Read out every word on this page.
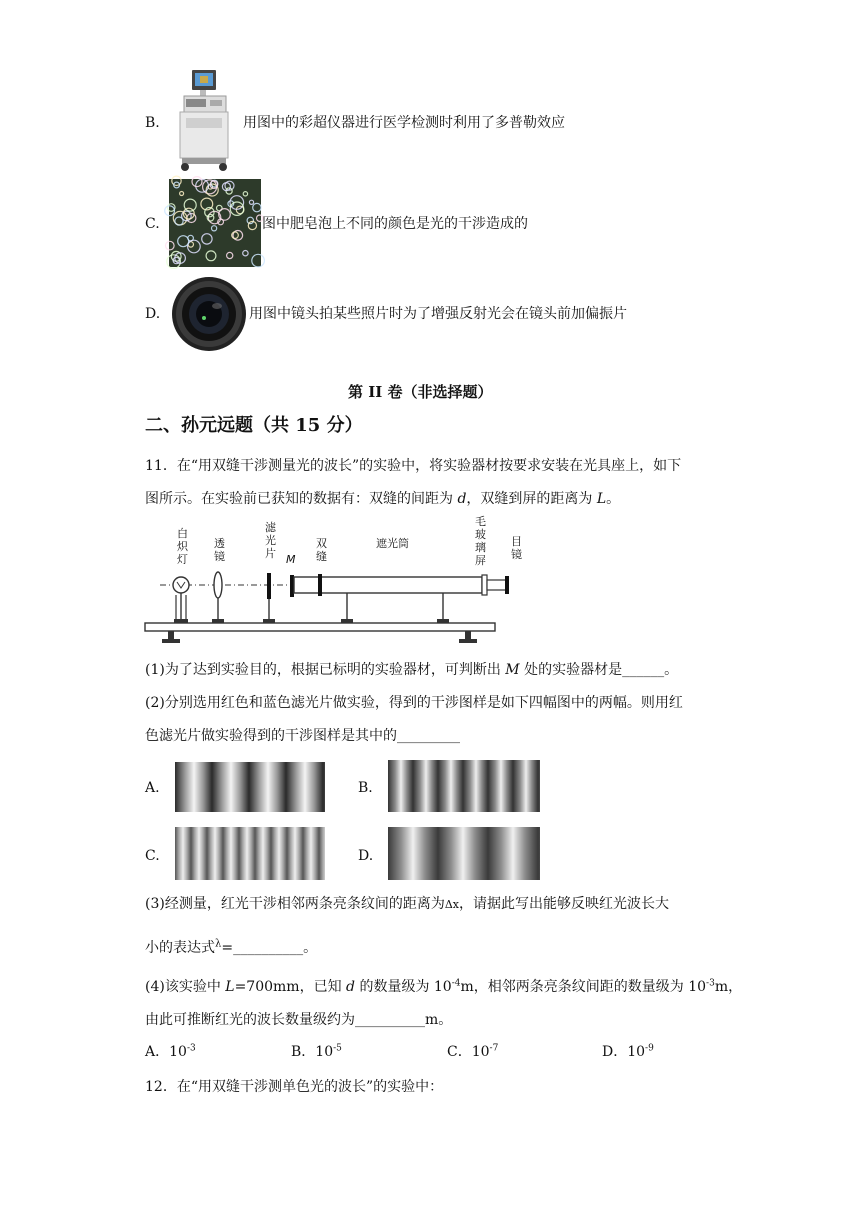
B.	用图中的彩超仪器进行医学检测时利用了多普勒效应
C.	图中肥皂泡上不同的颜色是光的干涉造成的
D.	用图中镜头拍某些照片时为了增强反射光会在镜头前加偏振片
第 II 卷（非选择题）
二、孙元远题（共 15 分）
11．在“用双缝干涉测量光的波长”的实验中，将实验器材按要求安装在光具座上，如下
图所示。在实验前已获知的数据有：双缝的间距为 d，双缝到屏的距离为 L。
白
炽
灯
透
镜
滤
光
片 M
双
缝
遮光筒
毛
玻
璃
屏
目
镜
(1)为了达到实验目的，根据已标明的实验器材，可判断出 M 处的实验器材是______。
(2)分别选用红色和蓝色滤光片做实验，得到的干涉图样是如下四幅图中的两幅。则用红
色滤光片做实验得到的干涉图样是其中的_________
A.	B.
C.	D.
(3)经测量，红光干涉相邻两条亮条纹间的距离为Δx，请据此写出能够反映红光波长大
小的表达式$^\lambda$=__________。
(4)该实验中 L=700mm，已知 d 的数量级为 $10^{-4}m$，相邻两条亮条纹间距的数量级为 $10^{-3}m$，
由此可推断红光的波长数量级约为__________m。
A．$10^{-3}$	B．$10^{-5}$	C．$10^{-7}$	D．$10^{-9}$
12．在“用双缝干涉测单色光的波长”的实验中：
